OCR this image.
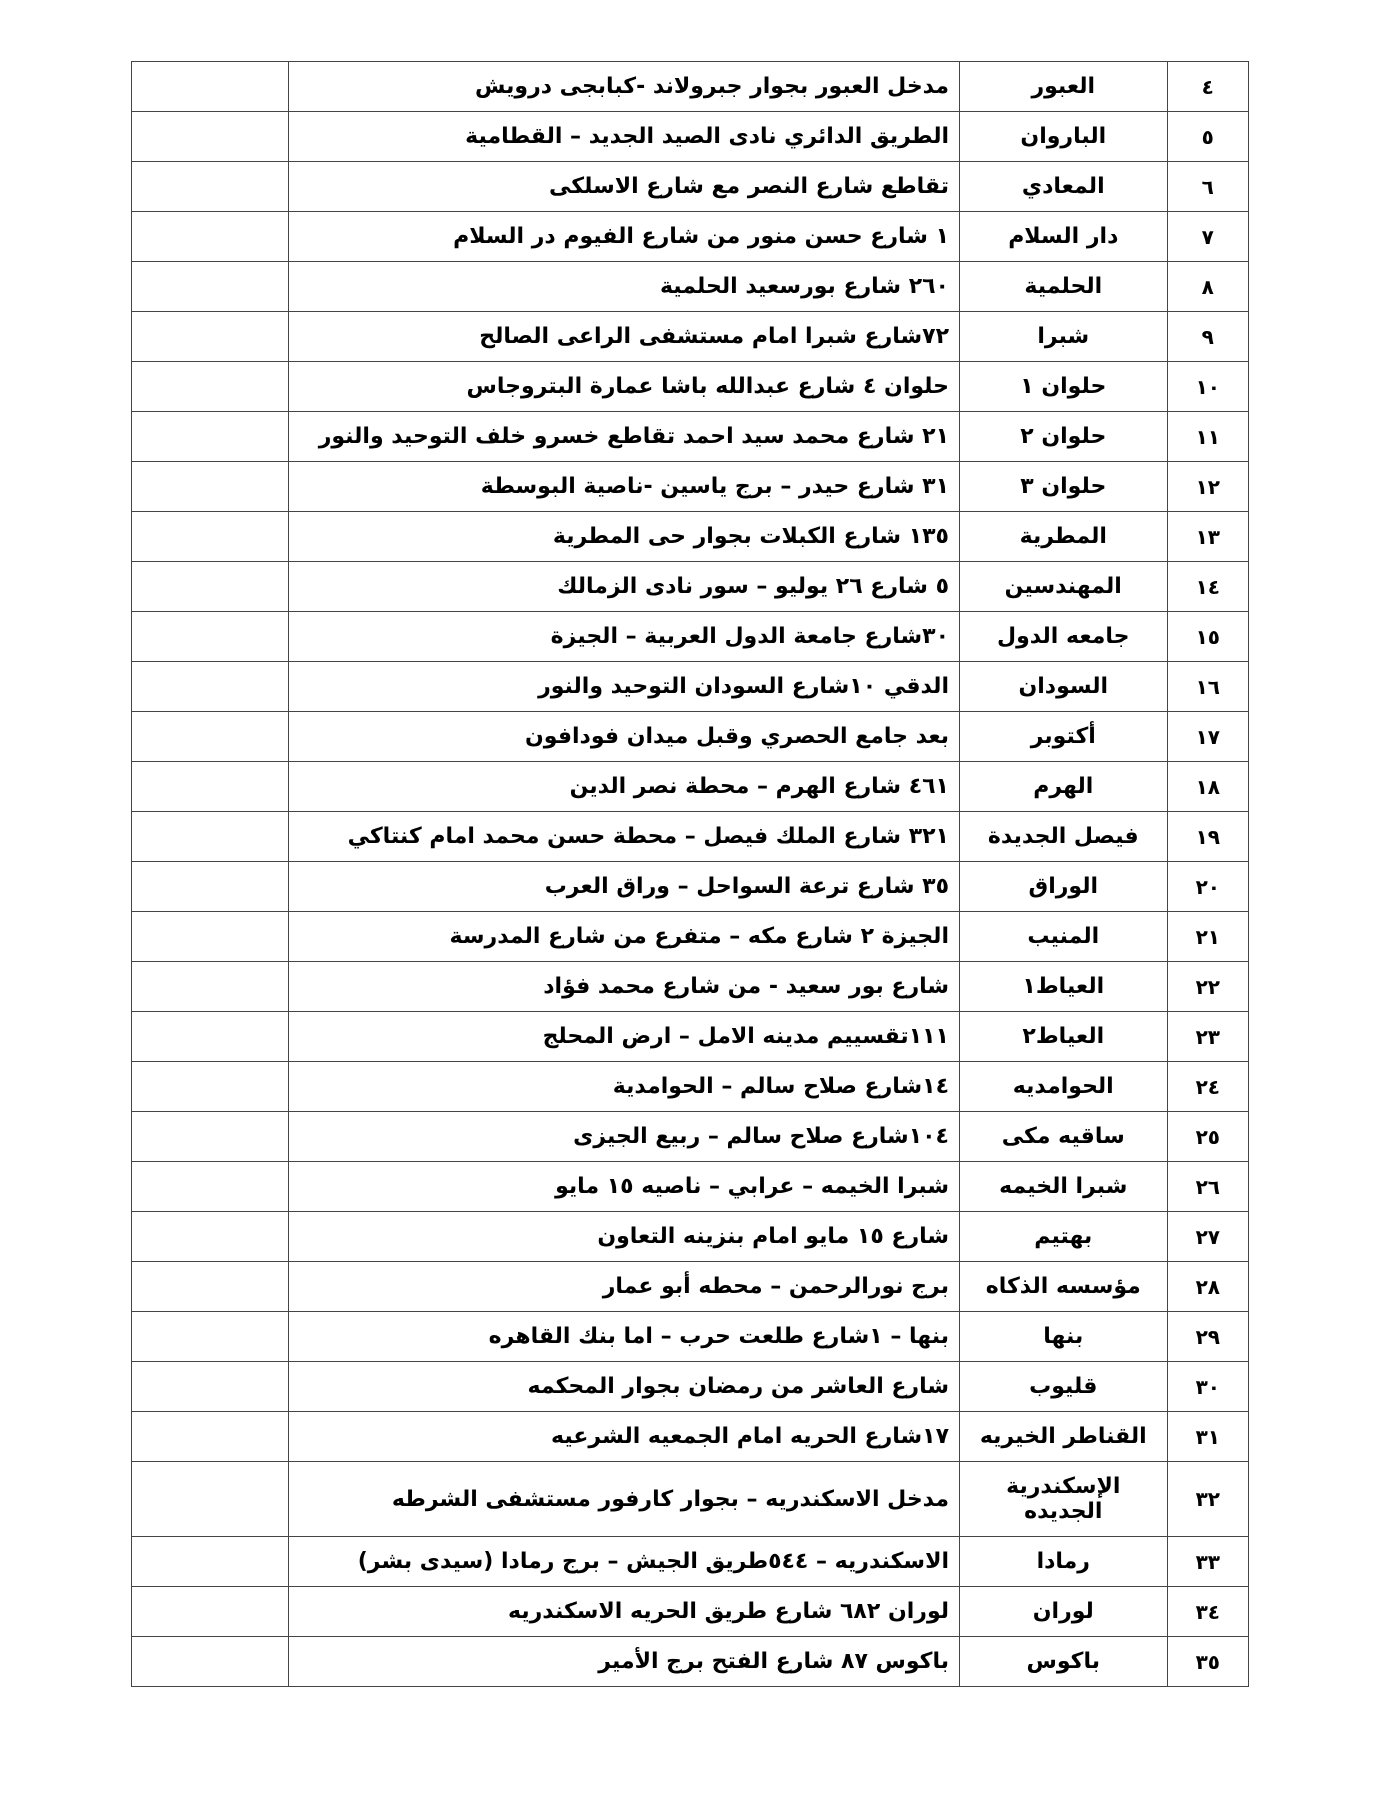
٤	العبور	مدخل العبور بجوار جبرولاند -كبابجى درويش	
٥	الباروان	الطريق الدائري نادى الصيد الجديد – القطامية	
٦	المعادي	تقاطع شارع النصر مع شارع الاسلكى	
٧	دار السلام	١ شارع حسن منور من شارع الفيوم در السلام	
٨	الحلمية	٢٦٠ شارع بورسعيد الحلمية	
٩	شبرا	٧٢شارع شبرا امام مستشفى الراعى الصالح	
١٠	حلوان ١	حلوان ٤ شارع عبدالله باشا عمارة البتروجاس	
١١	حلوان ٢	٢١ شارع محمد سيد احمد تقاطع خسرو خلف التوحيد والنور	
١٢	حلوان ٣	٣١ شارع حيدر – برج ياسين -ناصية البوسطة	
١٣	المطرية	١٣٥ شارع الكبلات بجوار حى المطرية	
١٤	المهندسين	٥ شارع ٢٦ يوليو – سور نادى الزمالك	
١٥	جامعه الدول	٣٠شارع جامعة الدول العربية – الجيزة	
١٦	السودان	الدقي ١٠شارع السودان التوحيد والنور	
١٧	أكتوبر	بعد جامع الحصري وقبل ميدان فودافون	
١٨	الهرم	٤٦١ شارع الهرم – محطة نصر الدين	
١٩	فيصل الجديدة	٣٢١ شارع الملك فيصل – محطة حسن محمد امام كنتاكي	
٢٠	الوراق	٣٥ شارع ترعة السواحل – وراق العرب	
٢١	المنيب	الجيزة ٢ شارع مكه – متفرع من شارع المدرسة	
٢٢	العياط١	شارع بور سعيد - من شارع محمد فؤاد	
٢٣	العياط٢	١١١تقسييم مدينه الامل – ارض المحلج	
٢٤	الحوامديه	١٤شارع صلاح سالم – الحوامدية	
٢٥	ساقيه مكى	١٠٤شارع صلاح سالم – ربيع الجيزى	
٢٦	شبرا الخيمه	شبرا الخيمه – عرابي – ناصيه ١٥ مايو	
٢٧	بهتيم	شارع ١٥ مايو امام بنزينه التعاون	
٢٨	مؤسسه الذكاه	برج نورالرحمن – محطه أبو عمار	
٢٩	بنها	بنها – ١شارع طلعت حرب – اما بنك القاهره	
٣٠	قليوب	شارع العاشر من رمضان بجوار المحكمه	
٣١	القناطر الخيريه	١٧شارع الحريه امام الجمعيه الشرعيه	
٣٢	الإسكندرية الجديده	مدخل الاسكندريه – بجوار كارفور مستشفى الشرطه	
٣٣	رمادا	الاسكندريه – ٥٤٤طريق الجيش – برج رمادا (سيدى بشر)	
٣٤	لوران	لوران ٦٨٢ شارع طريق الحريه الاسكندريه	
٣٥	باكوس	باكوس ٨٧ شارع الفتح برج الأمير	
